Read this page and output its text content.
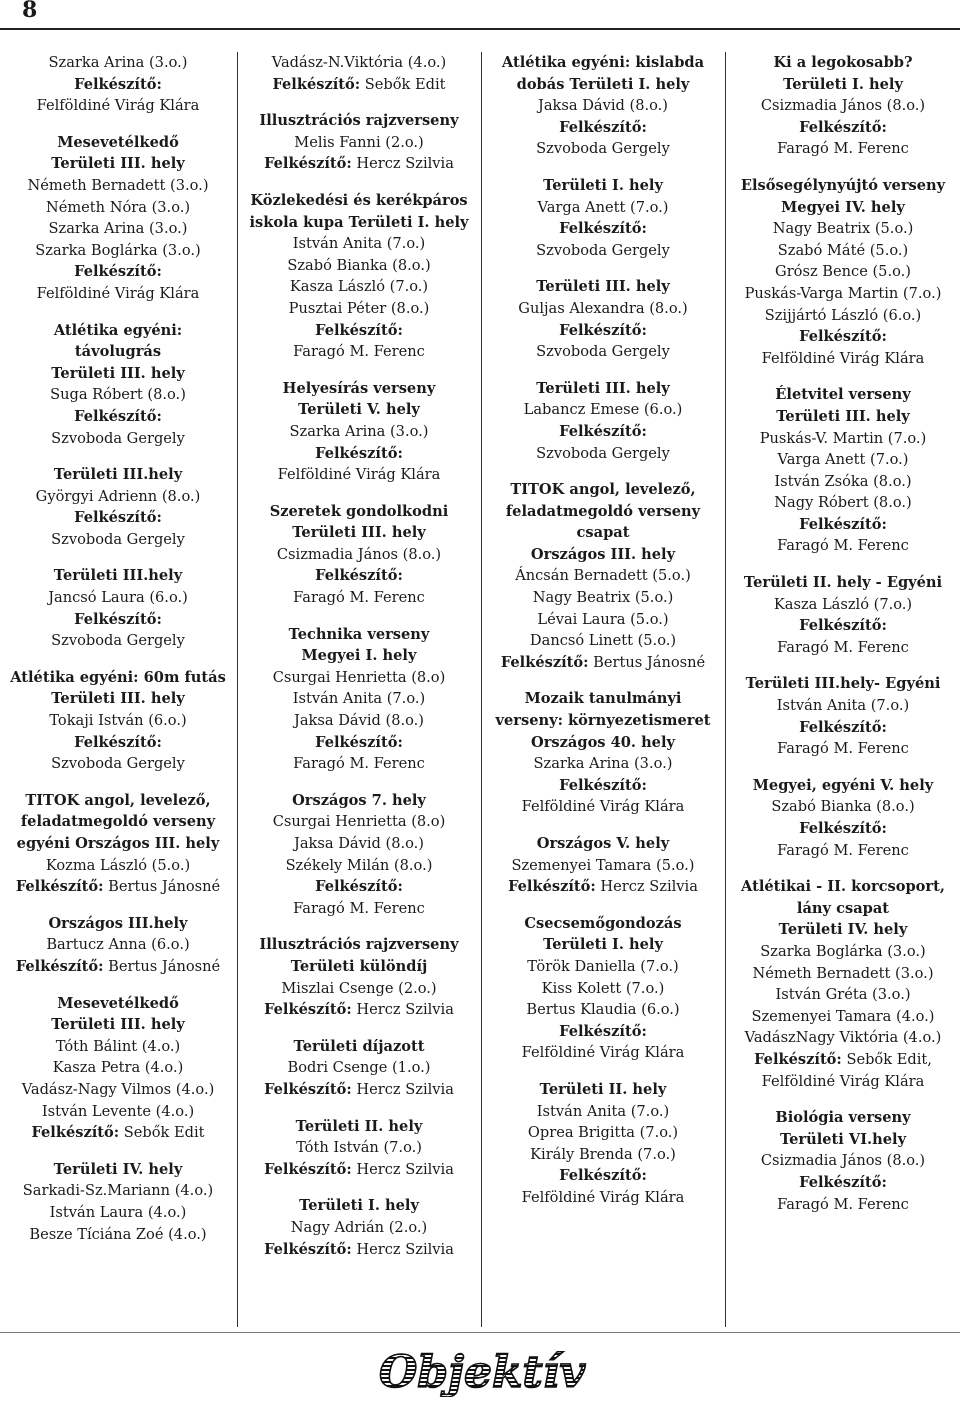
8
Szarka Arina (3.o.)
Felkészítő:
Felföldiné Virág Klára
Mesevetélkedő
Területi III. hely
Németh Bernadett (3.o.)
Németh Nóra (3.o.)
Szarka Arina (3.o.)
Szarka Boglárka (3.o.)
Felkészítő:
Felföldiné Virág Klára
Atlétika egyéni:
távolugrás
Területi III. hely
Suga Róbert (8.o.)
Felkészítő:
Szvoboda Gergely
Területi III.hely
Györgyi Adrienn (8.o.)
Felkészítő:
Szvoboda Gergely
Területi III.hely
Jancsó Laura (6.o.)
Felkészítő:
Szvoboda Gergely
Atlétika egyéni: 60m futás
Területi III. hely
Tokaji István (6.o.)
Felkészítő:
Szvoboda Gergely
TITOK angol, levelező,
feladatmegoldó verseny
egyéni Országos III. hely
Kozma László (5.o.)
Felkészítő: Bertus Jánosné
Országos III.hely
Bartucz Anna (6.o.)
Felkészítő: Bertus Jánosné
Mesevetélkedő
Területi III. hely
Tóth Bálint (4.o.)
Kasza Petra (4.o.)
Vadász-Nagy Vilmos (4.o.)
István Levente (4.o.)
Felkészítő: Sebők Edit
Területi IV. hely
Sarkadi-Sz.Mariann (4.o.)
István Laura (4.o.)
Besze Tíciána Zoé (4.o.)
Vadász-N.Viktória (4.o.)
Felkészítő: Sebők Edit
Illusztrációs rajzverseny
Melis Fanni (2.o.)
Felkészítő: Hercz Szilvia
Közlekedési és kerékpáros
iskola kupa Területi I. hely
István Anita (7.o.)
Szabó Bianka (8.o.)
Kasza László (7.o.)
Pusztai Péter (8.o.)
Felkészítő:
Faragó M. Ferenc
Helyesírás verseny
Területi V. hely
Szarka Arina (3.o.)
Felkészítő:
Felföldiné Virág Klára
Szeretek gondolkodni
Területi III. hely
Csizmadia János (8.o.)
Felkészítő:
Faragó M. Ferenc
Technika verseny
Megyei I. hely
Csurgai Henrietta (8.o)
István Anita (7.o.)
Jaksa Dávid (8.o.)
Felkészítő:
Faragó M. Ferenc
Országos 7. hely
Csurgai Henrietta (8.o)
Jaksa Dávid (8.o.)
Székely Milán (8.o.)
Felkészítő:
Faragó M. Ferenc
Illusztrációs rajzverseny
Területi különdíj
Miszlai Csenge (2.o.)
Felkészítő: Hercz Szilvia
Területi díjazott
Bodri Csenge (1.o.)
Felkészítő: Hercz Szilvia
Területi II. hely
Tóth István (7.o.)
Felkészítő: Hercz Szilvia
Területi I. hely
Nagy Adrián (2.o.)
Felkészítő: Hercz Szilvia
Atlétika egyéni: kislabda
dobás Területi I. hely
Jaksa Dávid (8.o.)
Felkészítő:
Szvoboda Gergely
Területi I. hely
Varga Anett (7.o.)
Felkészítő:
Szvoboda Gergely
Területi III. hely
Guljas Alexandra (8.o.)
Felkészítő:
Szvoboda Gergely
Területi III. hely
Labancz Emese (6.o.)
Felkészítő:
Szvoboda Gergely
TITOK angol, levelező,
feladatmegoldó verseny
csapat
Országos III. hely
Áncsán Bernadett (5.o.)
Nagy Beatrix (5.o.)
Lévai Laura (5.o.)
Dancsó Linett (5.o.)
Felkészítő: Bertus Jánosné
Mozaik tanulmányi
verseny: környezetismeret
Országos 40. hely
Szarka Arina (3.o.)
Felkészítő:
Felföldiné Virág Klára
Országos V. hely
Szemenyei Tamara (5.o.)
Felkészítő: Hercz Szilvia
Csecsemőgondozás
Területi I. hely
Török Daniella (7.o.)
Kiss Kolett (7.o.)
Bertus Klaudia (6.o.)
Felkészítő:
Felföldiné Virág Klára
Területi II. hely
István Anita (7.o.)
Oprea Brigitta (7.o.)
Király Brenda (7.o.)
Felkészítő:
Felföldiné Virág Klára
Ki a legokosabb?
Területi I. hely
Csizmadia János (8.o.)
Felkészítő:
Faragó M. Ferenc
Elsősegélynyújtó verseny
Megyei IV. hely
Nagy Beatrix (5.o.)
Szabó Máté (5.o.)
Grósz Bence (5.o.)
Puskás-Varga Martin (7.o.)
Szijjártó László (6.o.)
Felkészítő:
Felföldiné Virág Klára
Életvitel verseny
Területi III. hely
Puskás-V. Martin (7.o.)
Varga Anett (7.o.)
István Zsóka (8.o.)
Nagy Róbert (8.o.)
Felkészítő:
Faragó M. Ferenc
Területi II. hely - Egyéni
Kasza László (7.o.)
Felkészítő:
Faragó M. Ferenc
Területi III.hely- Egyéni
István Anita (7.o.)
Felkészítő:
Faragó M. Ferenc
Megyei, egyéni V. hely
Szabó Bianka (8.o.)
Felkészítő:
Faragó M. Ferenc
Atlétikai - II. korcsoport,
lány csapat
Területi IV. hely
Szarka Boglárka (3.o.)
Németh Bernadett (3.o.)
István Gréta (3.o.)
Szemenyei Tamara (4.o.)
VadászNagy Viktória (4.o.)
Felkészítő: Sebők Edit,
Felföldiné Virág Klára
Biológia verseny
Területi VI.hely
Csizmadia János (8.o.)
Felkészítő:
Faragó M. Ferenc
Objektív
